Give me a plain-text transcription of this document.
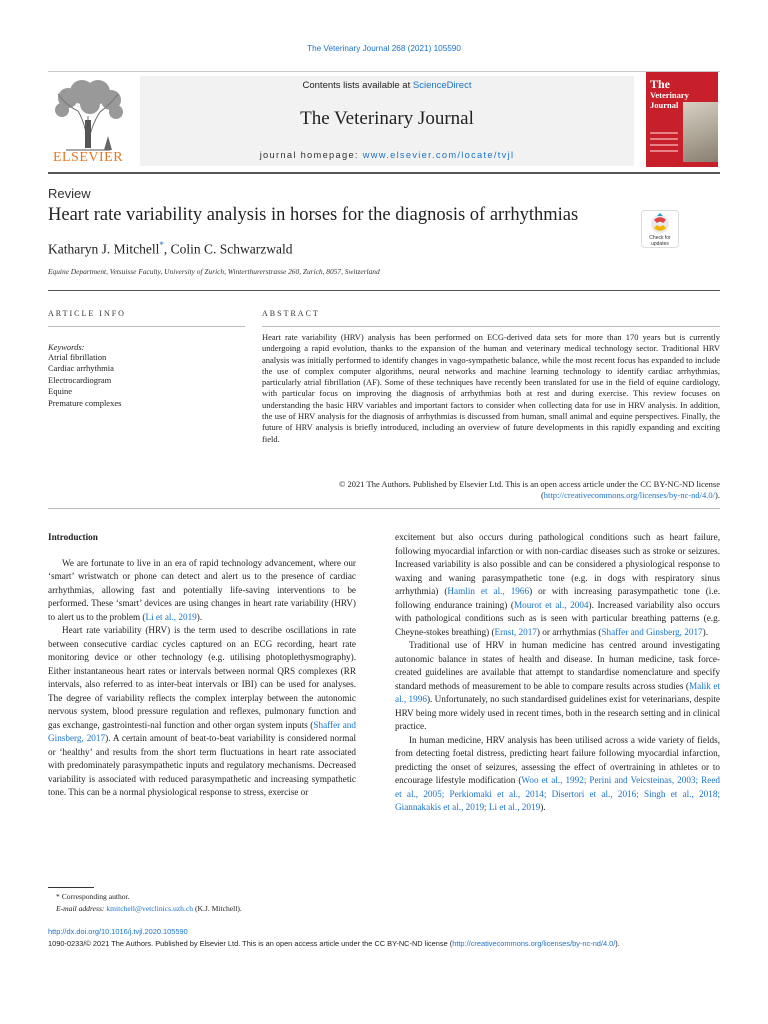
The Veterinary Journal 268 (2021) 105590
ELSEVIER
Contents lists available at ScienceDirect
The Veterinary Journal
journal homepage: www.elsevier.com/locate/tvjl
The
Veterinary Journal
Review
Heart rate variability analysis in horses for the diagnosis of arrhythmias
Check for
updates
Katharyn J. Mitchell*, Colin C. Schwarzwald
Equine Department, Vetsuisse Faculty, University of Zurich, Winterthurerstrasse 260, Zurich, 8057, Switzerland
ARTICLE INFO
Keywords:
Atrial fibrillation
Cardiac arrhythmia
Electrocardiogram
Equine
Premature complexes
ABSTRACT
Heart rate variability (HRV) analysis has been performed on ECG-derived data sets for more than 170 years but is currently undergoing a rapid evolution, thanks to the expansion of the human and veterinary medical technology sector. Traditional HRV analysis was initially performed to identify changes in vago-sympathetic balance, while the most recent focus has expanded to include the use of complex computer algorithms, neural networks and machine learning technology to identify cardiac arrhythmias, particularly atrial fibrillation (AF). Some of these techniques have recently been translated for use in the field of equine cardiology, with particular focus on improving the diagnosis of arrhythmias both at rest and during exercise. This review focuses on understanding the basic HRV variables and important factors to consider when collecting data for use in HRV analysis. In addition, the use of HRV analysis for the diagnosis of arrhythmias is discussed from human, small animal and equine perspectives. Finally, the future of HRV analysis is briefly introduced, including an overview of future developments in this rapidly expanding and exciting field.
© 2021 The Authors. Published by Elsevier Ltd. This is an open access article under the CC BY-NC-ND license (http://creativecommons.org/licenses/by-nc-nd/4.0/).

Introduction

We are fortunate to live in an era of rapid technology advancement, where our ‘smart’ wristwatch or phone can detect and alert us to the presence of cardiac arrhythmias, allowing fast and potentially life-saving interventions to be performed. These ‘smart’ devices are using changes in heart rate variability (HRV) to alert us to the problem (Li et al., 2019).

Heart rate variability (HRV) is the term used to describe oscillations in rate between consecutive cardiac cycles captured on an ECG recording, heart rate monitoring device or other technology (e.g. utilising photoplethysmography). Either instantaneous heart rates or intervals between normal QRS complexes (RR intervals, also referred to as inter-beat intervals or IBI) can be used for analyses. The degree of variability reflects the complex interplay between the autonomic nervous system, blood pressure regulation and reflexes, pulmonary function and gas exchange, gastrointesti-nal function and other organ system inputs (Shaffer and Ginsberg, 2017). A certain amount of beat-to-beat variability is considered normal or ‘healthy’ and results from the short term fluctuations in heart rate associated with predominately parasympathetic inputs and regulatory mechanisms. Decreased variability is associated with reduced parasympathetic and increasing sympathetic tone. This can be a normal physiological response to stress, exercise or

excitement but also occurs during pathological conditions such as heart failure, following myocardial infarction or with non-cardiac diseases such as stroke or seizures. Increased variability is also possible and can be considered a physiological response to waxing and waning parasympathetic tone (e.g. in dogs with respiratory sinus arrhythmia) (Hamlin et al., 1966) or with increasing parasympathetic tone (i.e. following endurance training) (Mourot et al., 2004). Increased variability also occurs with pathological conditions such as is seen with particular breathing patterns (e.g. Cheyne-stokes breathing) (Ernst, 2017) or arrhythmias (Shaffer and Ginsberg, 2017).

Traditional use of HRV in human medicine has centred around investigating autonomic balance in states of health and disease. In human medicine, task force-created guidelines are available that attempt to standardise nomenclature and specify standard methods of measurement to be able to compare results across studies (Malik et al., 1996). Unfortunately, no such standardised guidelines exist for veterinarians, despite HRV being more widely used in recent times, both in the research setting and in clinical practice.

In human medicine, HRV analysis has been utilised across a wide variety of fields, from detecting foetal distress, predicting heart failure following myocardial infarction, predicting the onset of seizures, assessing the effect of overtraining in athletes or to encourage lifestyle modification (Woo et al., 1992; Perini and Veicsteinas, 2003; Reed et al., 2005; Perkiomaki et al., 2014; Disertori et al., 2016; Singh et al., 2018; Giannakakis et al., 2019; Li et al., 2019).

* Corresponding author.
E-mail address: kmitchell@vetclinics.uzh.ch (K.J. Mitchell).
http://dx.doi.org/10.1016/j.tvjl.2020.105590
1090-0233/© 2021 The Authors. Published by Elsevier Ltd. This is an open access article under the CC BY-NC-ND license (http://creativecommons.org/licenses/by-nc-nd/4.0/).
